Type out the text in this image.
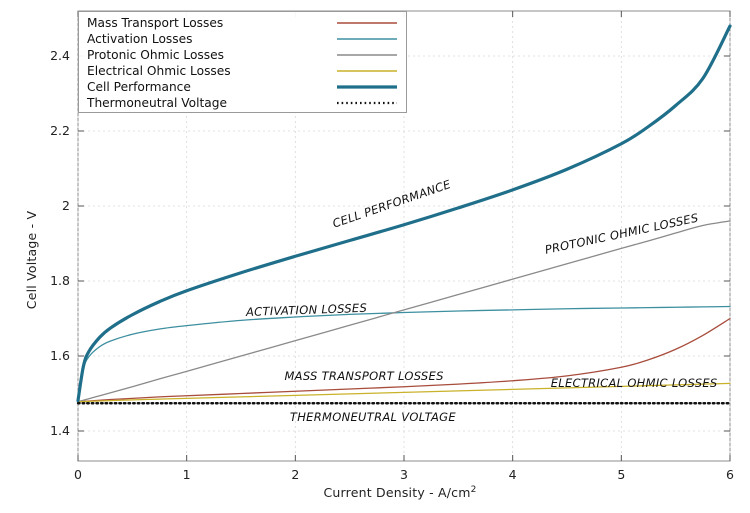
Cell Voltage - V
Current Density - $A/cm^2$
1.4
1.6
1.8
2
2.2
2.4
0	1	2	3	4	5	6
CELL PERFORMANCE
PROTONIC OHMIC LOSSES
ACTIVATION LOSSES
MASS TRANSPORT LOSSES
ELECTRICAL OHMIC LOSSES
THERMONEUTRAL VOLTAGE
Mass Transport Losses
Activation Losses
Protonic Ohmic Losses
Electrical Ohmic Losses
Cell Performance
Thermoneutral Voltage
